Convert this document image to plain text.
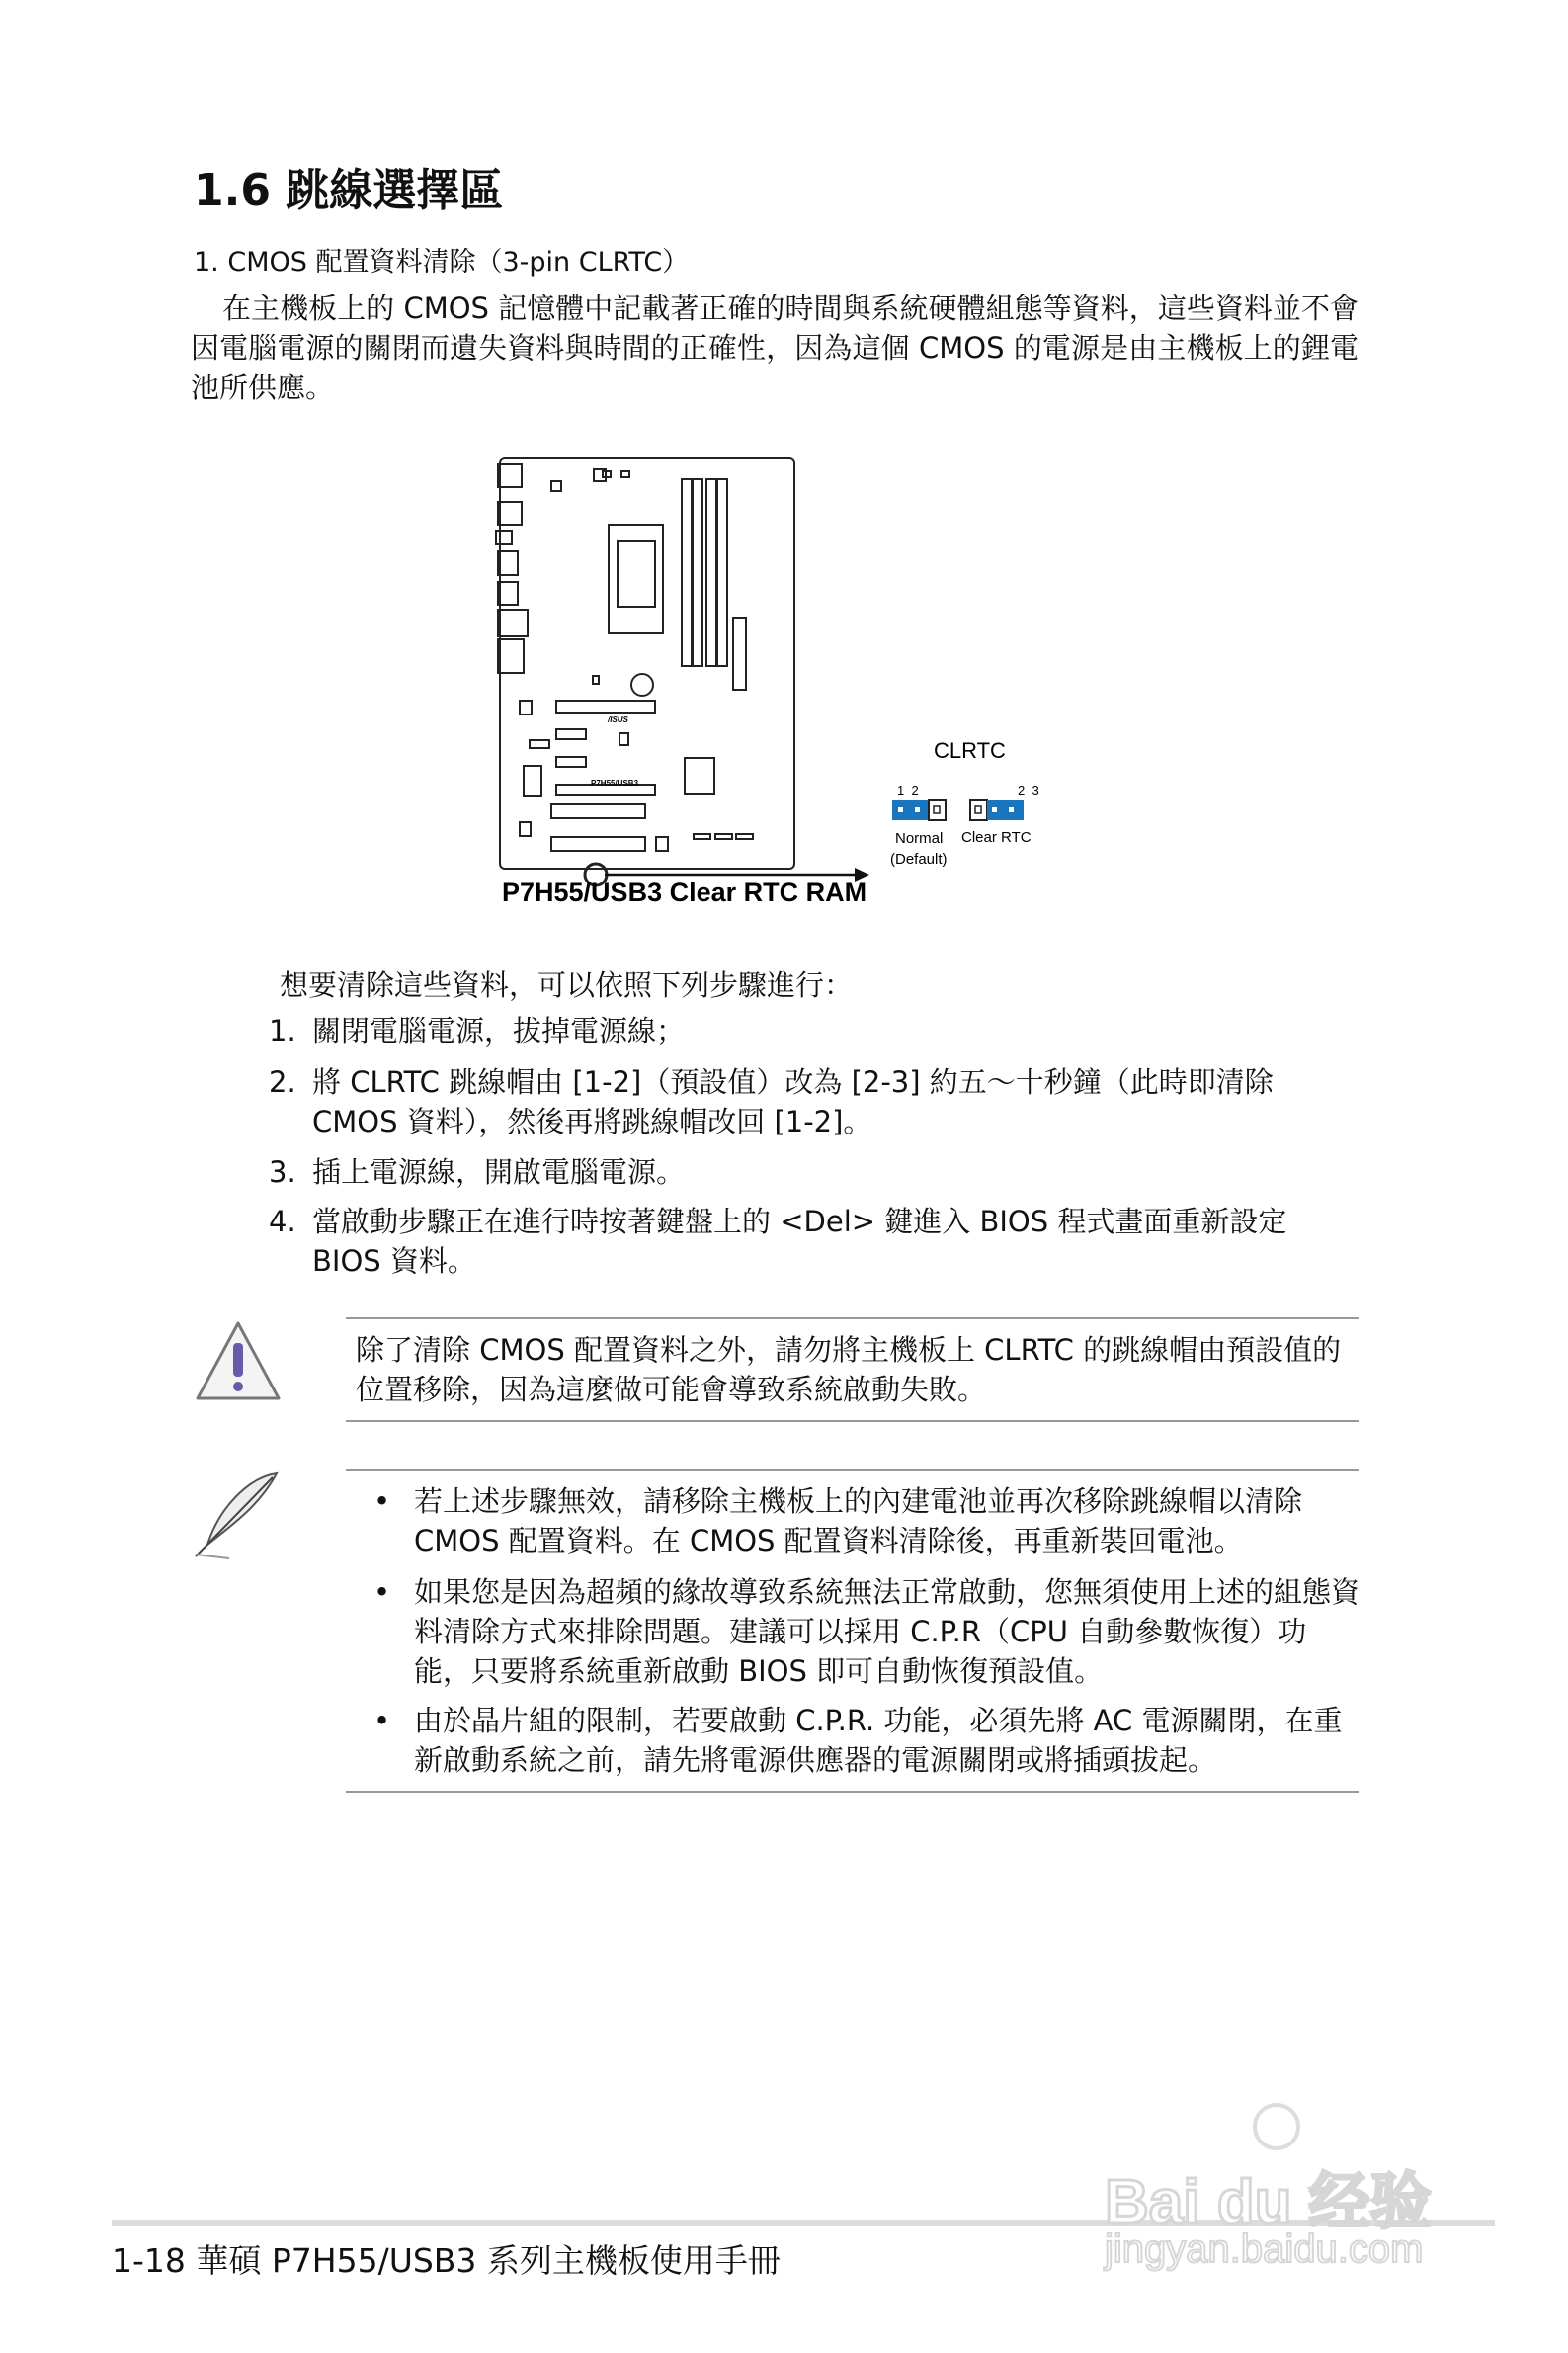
1.6 跳線選擇區
1. CMOS 配置資料清除（3-pin CLRTC）
在主機板上的 CMOS 記憶體中記載著正確的時間與系統硬體組態等資料，這些資料並不會因電腦電源的關閉而遺失資料與時間的正確性，因為這個 CMOS 的電源是由主機板上的鋰電池所供應。
P7H55/USB3
/ISUS
CLRTC
1  2	2  3
Normal
(Default)
Clear RTC
P7H55/USB3 Clear RTC RAM
想要清除這些資料，可以依照下列步驟進行：
1. 關閉電腦電源，拔掉電源線；
2. 將 CLRTC 跳線帽由 [1-2]（預設值）改為 [2-3] 約五～十秒鐘（此時即清除 CMOS 資料），然後再將跳線帽改回 [1-2]。
3. 插上電源線，開啟電腦電源。
4. 當啟動步驟正在進行時按著鍵盤上的 <Del> 鍵進入 BIOS 程式畫面重新設定 BIOS 資料。
除了清除 CMOS 配置資料之外，請勿將主機板上 CLRTC 的跳線帽由預設值的位置移除，因為這麼做可能會導致系統啟動失敗。
• 若上述步驟無效，請移除主機板上的內建電池並再次移除跳線帽以清除 CMOS 配置資料。在 CMOS 配置資料清除後，再重新裝回電池。
• 如果您是因為超頻的緣故導致系統無法正常啟動，您無須使用上述的組態資料清除方式來排除問題。建議可以採用 C.P.R（CPU 自動參數恢復）功能，只要將系統重新啟動 BIOS 即可自動恢復預設值。
• 由於晶片組的限制，若要啟動 C.P.R. 功能，必須先將 AC 電源關閉，在重新啟動系統之前，請先將電源供應器的電源關閉或將插頭拔起。
1-18 華碩 P7H55/USB3 系列主機板使用手冊
Bai du 经验
jingyan.baidu.com
